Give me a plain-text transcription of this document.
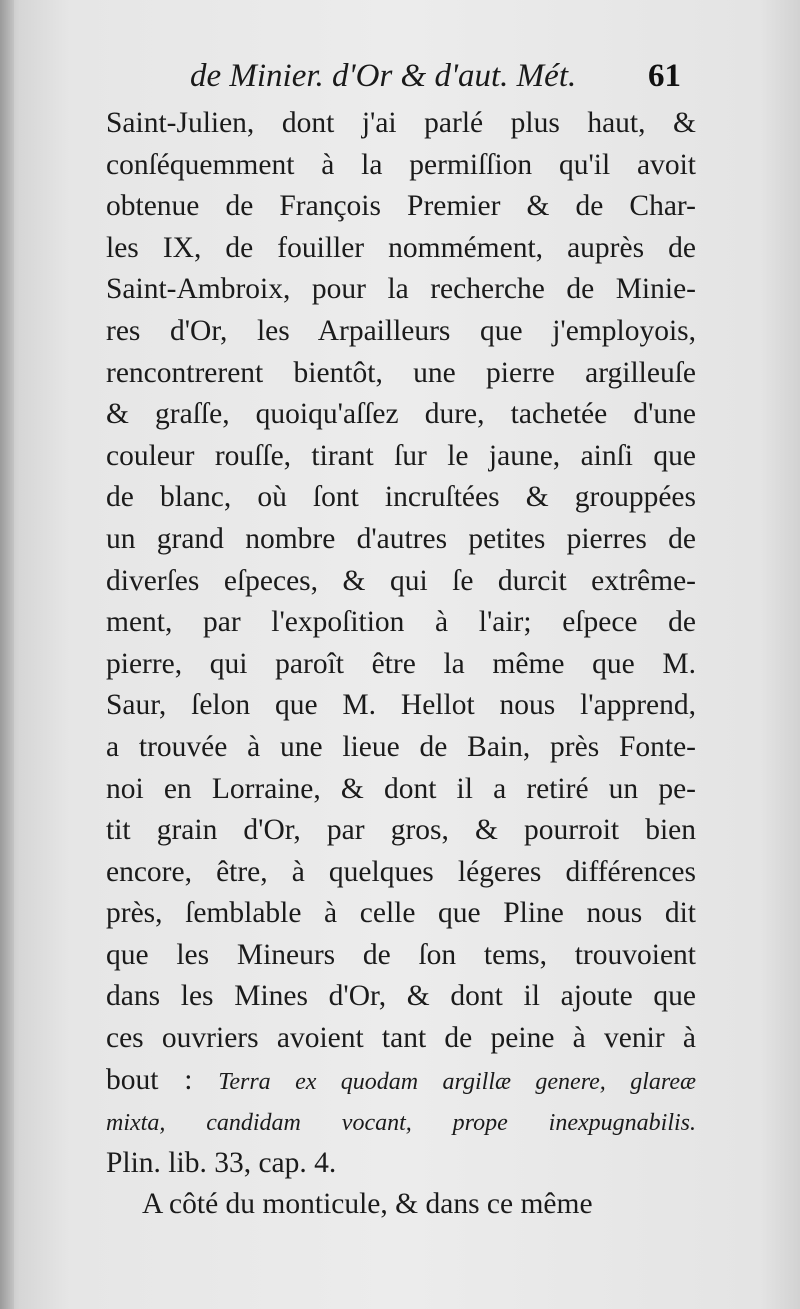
de Minier. d'Or & d'aut. Mét.	61
Saint-Julien, dont j'ai parlé plus haut, &
conſéquemment à la permiſſion qu'il avoit
obtenue de François Premier & de Char-
les IX, de fouiller nommément, auprès de
Saint-Ambroix, pour la recherche de Minie-
res d'Or, les Arpailleurs que j'employois,
rencontrerent bientôt, une pierre argilleuſe
& graſſe, quoiqu'aſſez dure, tachetée d'une
couleur rouſſe, tirant ſur le jaune, ainſi que
de blanc, où ſont incruſtées & grouppées
un grand nombre d'autres petites pierres de
diverſes eſpeces, & qui ſe durcit extrême-
ment, par l'expoſition à l'air; eſpece de
pierre, qui paroît être la même que M.
Saur, ſelon que M. Hellot nous l'apprend,
a trouvée à une lieue de Bain, près Fonte-
noi en Lorraine, & dont il a retiré un pe-
tit grain d'Or, par gros, & pourroit bien
encore, être, à quelques légeres différences
près, ſemblable à celle que Pline nous dit
que les Mineurs de ſon tems, trouvoient
dans les Mines d'Or, & dont il ajoute que
ces ouvriers avoient tant de peine à venir à
bout : Terra ex quodam argillæ genere, glareæ
mixta, candidam vocant, prope inexpugnabilis.
Plin. lib. 33, cap. 4.
A côté du monticule, & dans ce même
